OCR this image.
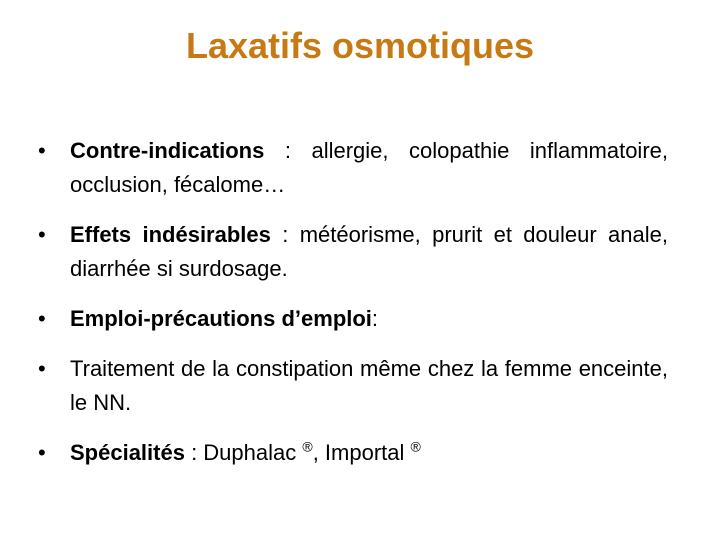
Laxatifs osmotiques
•	Contre-indications : allergie, colopathie inflammatoire, occlusion, fécalome…
•	Effets indésirables : météorisme, prurit et douleur anale, diarrhée si surdosage.
•	Emploi-précautions d’emploi:
•	Traitement de la constipation même chez la femme enceinte, le NN.
•	Spécialités : Duphalac ®, Importal ®
